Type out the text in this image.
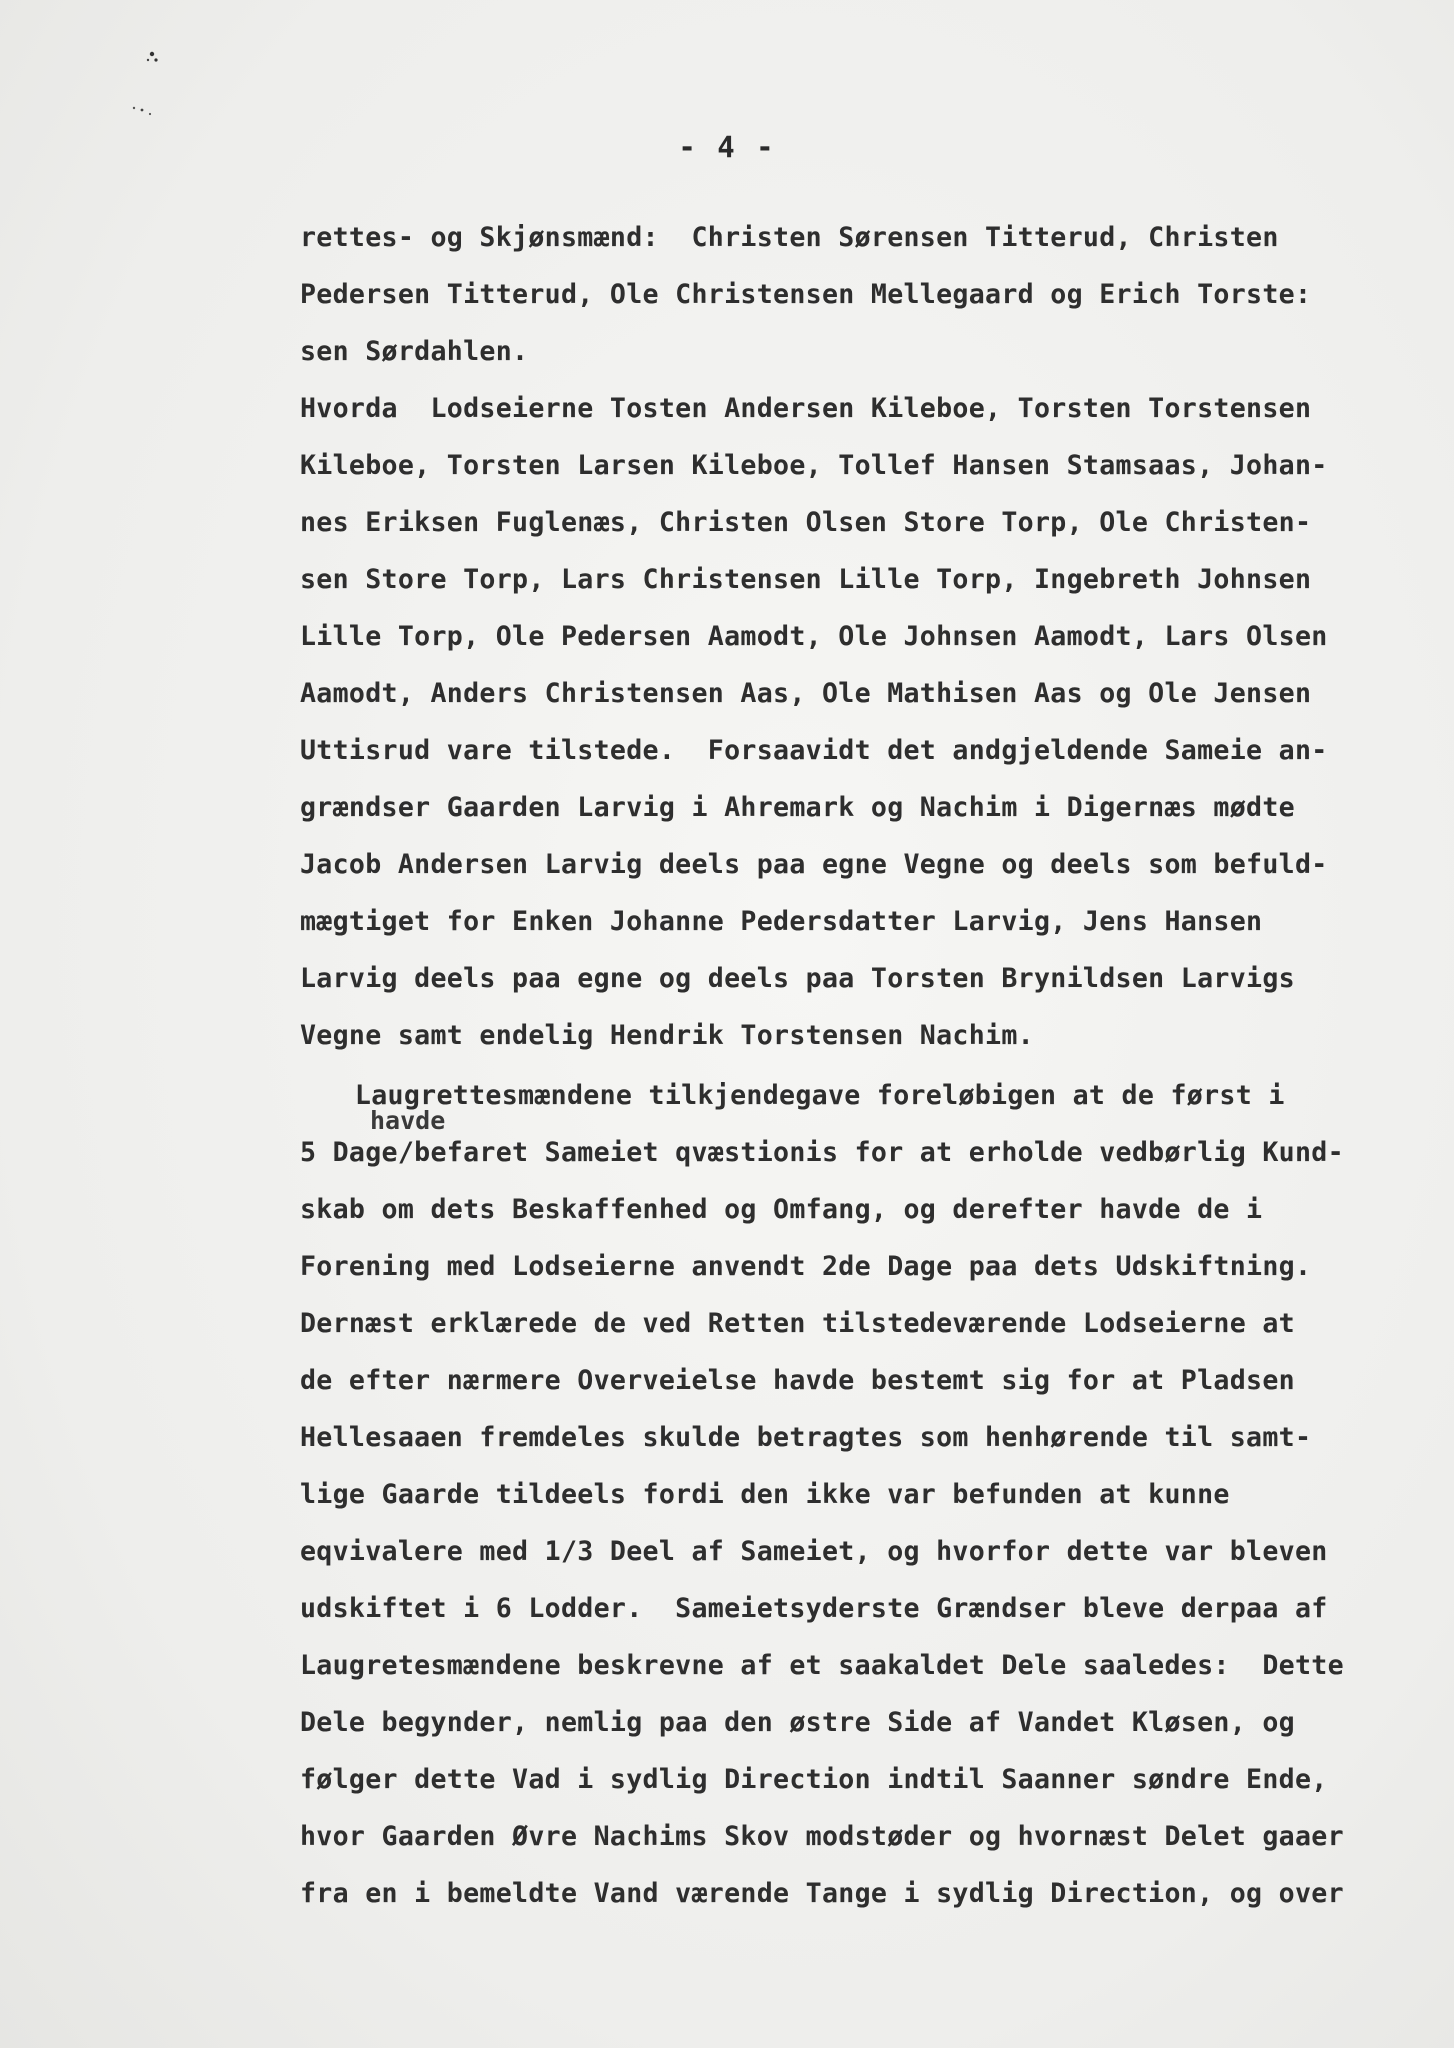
- 4 -
havde
rettes- og Skjønsmænd:  Christen Sørensen Titterud, Christen
Pedersen Titterud, Ole Christensen Mellegaard og Erich Torste:
sen Sørdahlen.
Hvorda  Lodseierne Tosten Andersen Kileboe, Torsten Torstensen
Kileboe, Torsten Larsen Kileboe, Tollef Hansen Stamsaas, Johan-
nes Eriksen Fuglenæs, Christen Olsen Store Torp, Ole Christen-
sen Store Torp, Lars Christensen Lille Torp, Ingebreth Johnsen
Lille Torp, Ole Pedersen Aamodt, Ole Johnsen Aamodt, Lars Olsen
Aamodt, Anders Christensen Aas, Ole Mathisen Aas og Ole Jensen
Uttisrud vare tilstede.  Forsaavidt det andgjeldende Sameie an-
grændser Gaarden Larvig i Ahremark og Nachim i Digernæs mødte
Jacob Andersen Larvig deels paa egne Vegne og deels som befuld-
mægtiget for Enken Johanne Pedersdatter Larvig, Jens Hansen
Larvig deels paa egne og deels paa Torsten Brynildsen Larvigs
Vegne samt endelig Hendrik Torstensen Nachim.
Laugrettesmændene tilkjendegave foreløbigen at de først i
5 Dage/befaret Sameiet qvæstionis for at erholde vedbørlig Kund-
skab om dets Beskaffenhed og Omfang, og derefter havde de i
Forening med Lodseierne anvendt 2de Dage paa dets Udskiftning.
Dernæst erklærede de ved Retten tilstedeværende Lodseierne at
de efter nærmere Overveielse havde bestemt sig for at Pladsen
Hellesaaen fremdeles skulde betragtes som henhørende til samt-
lige Gaarde tildeels fordi den ikke var befunden at kunne
eqvivalere med 1/3 Deel af Sameiet, og hvorfor dette var bleven
udskiftet i 6 Lodder.  Sameietsyderste Grændser bleve derpaa af
Laugretesmændene beskrevne af et saakaldet Dele saaledes:  Dette
Dele begynder, nemlig paa den østre Side af Vandet Kløsen, og
følger dette Vad i sydlig Direction indtil Saanner søndre Ende,
hvor Gaarden Øvre Nachims Skov modstøder og hvornæst Delet gaaer
fra en i bemeldte Vand værende Tange i sydlig Direction, og over
